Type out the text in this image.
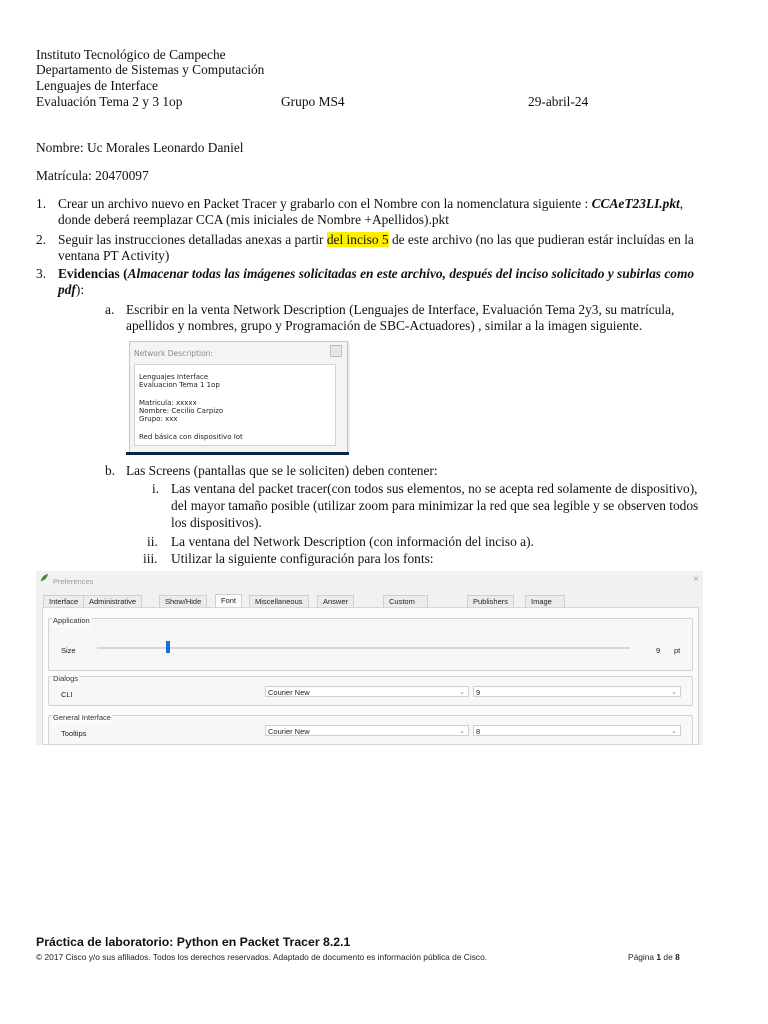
Instituto Tecnológico de Campeche
Departamento de Sistemas y Computación
Lenguajes de Interface
Evaluación Tema 2 y 3 1op	Grupo MS4	29-abril-24
Nombre: Uc Morales Leonardo Daniel
Matrícula: 20470097
1. Crear un archivo nuevo en Packet Tracer y grabarlo con el Nombre con la nomenclatura siguiente : CCAeT23LI.pkt,
donde deberá reemplazar CCA (mis iniciales de Nombre +Apellidos).pkt
2. Seguir las instrucciones detalladas anexas a partir del inciso 5 de este archivo (no las que pudieran estár incluídas en la
ventana PT Activity)
3. Evidencias (Almacenar todas las imágenes solicitadas en este archivo, después del inciso solicitado y subirlas como
pdf):
a. Escribir en la venta Network Description (Lenguajes de Interface, Evaluación Tema 2y3, su matrícula,
apellidos y nombres, grupo y Programación de SBC-Actuadores) , similar a la imagen siguiente.
Network Description:
Lenguajes Interface
Evaluacion Tema 1 1op
Matricula: xxxxx
Nombre: Cecilio Carpizo
Grupo: xxx
Red básica con dispositivo Iot
b. Las Screens (pantallas que se le soliciten) deben contener:
i. Las ventana del packet tracer(con todos sus elementos, no se acepta red solamente de dispositivo),
del mayor tamaño posible (utilizar zoom para minimizar la red que sea legible y se observen todos
los dispositivos).
ii. La ventana del Network Description (con información del inciso a).
iii. Utilizar la siguiente configuración para los fonts:
Preferences	×
Interface	Administrative	Show/Hide	Font	Miscellaneous	Answer	Custom	Publishers	Image
Application
Size	9 pt
Dialogs
CLI	Courier New	⌄	9	⌄
General Interface
Tooltips	Courier New	⌄	8	⌄
Práctica de laboratorio: Python en Packet Tracer 8.2.1
© 2017 Cisco y/o sus afiliados. Todos los derechos reservados. Adaptado de documento es información pública de Cisco.	Página 1 de 8
